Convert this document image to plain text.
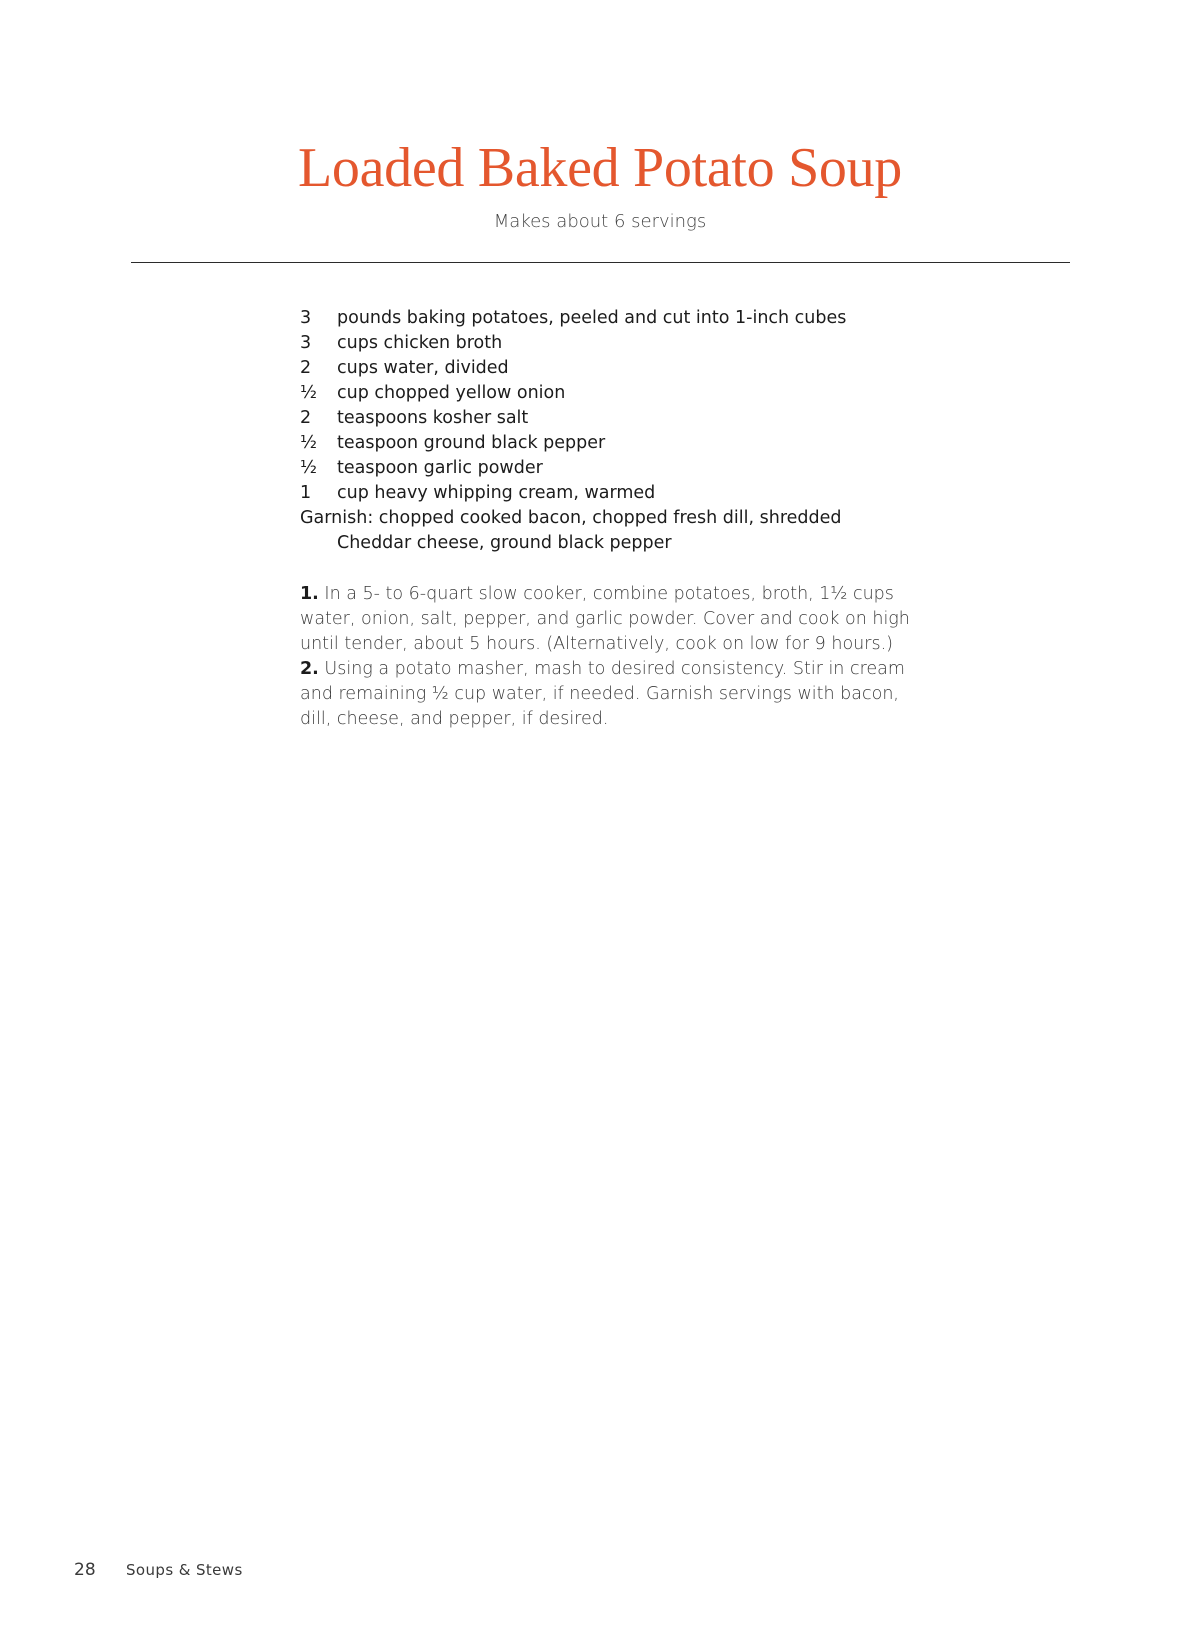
Loaded Baked Potato Soup
Makes about 6 servings
3	pounds baking potatoes, peeled and cut into 1-inch cubes
3	cups chicken broth
2	cups water, divided
½	cup chopped yellow onion
2	teaspoons kosher salt
½	teaspoon ground black pepper
½	teaspoon garlic powder
1	cup heavy whipping cream, warmed
Garnish: chopped cooked bacon, chopped fresh dill, shredded Cheddar cheese, ground black pepper

1. In a 5- to 6-quart slow cooker, combine potatoes, broth, 1½ cups water, onion, salt, pepper, and garlic powder. Cover and cook on high until tender, about 5 hours. (Alternatively, cook on low for 9 hours.)

2. Using a potato masher, mash to desired consistency. Stir in cream and remaining ½ cup water, if needed. Garnish servings with bacon, dill, cheese, and pepper, if desired.

28	Soups & Stews
